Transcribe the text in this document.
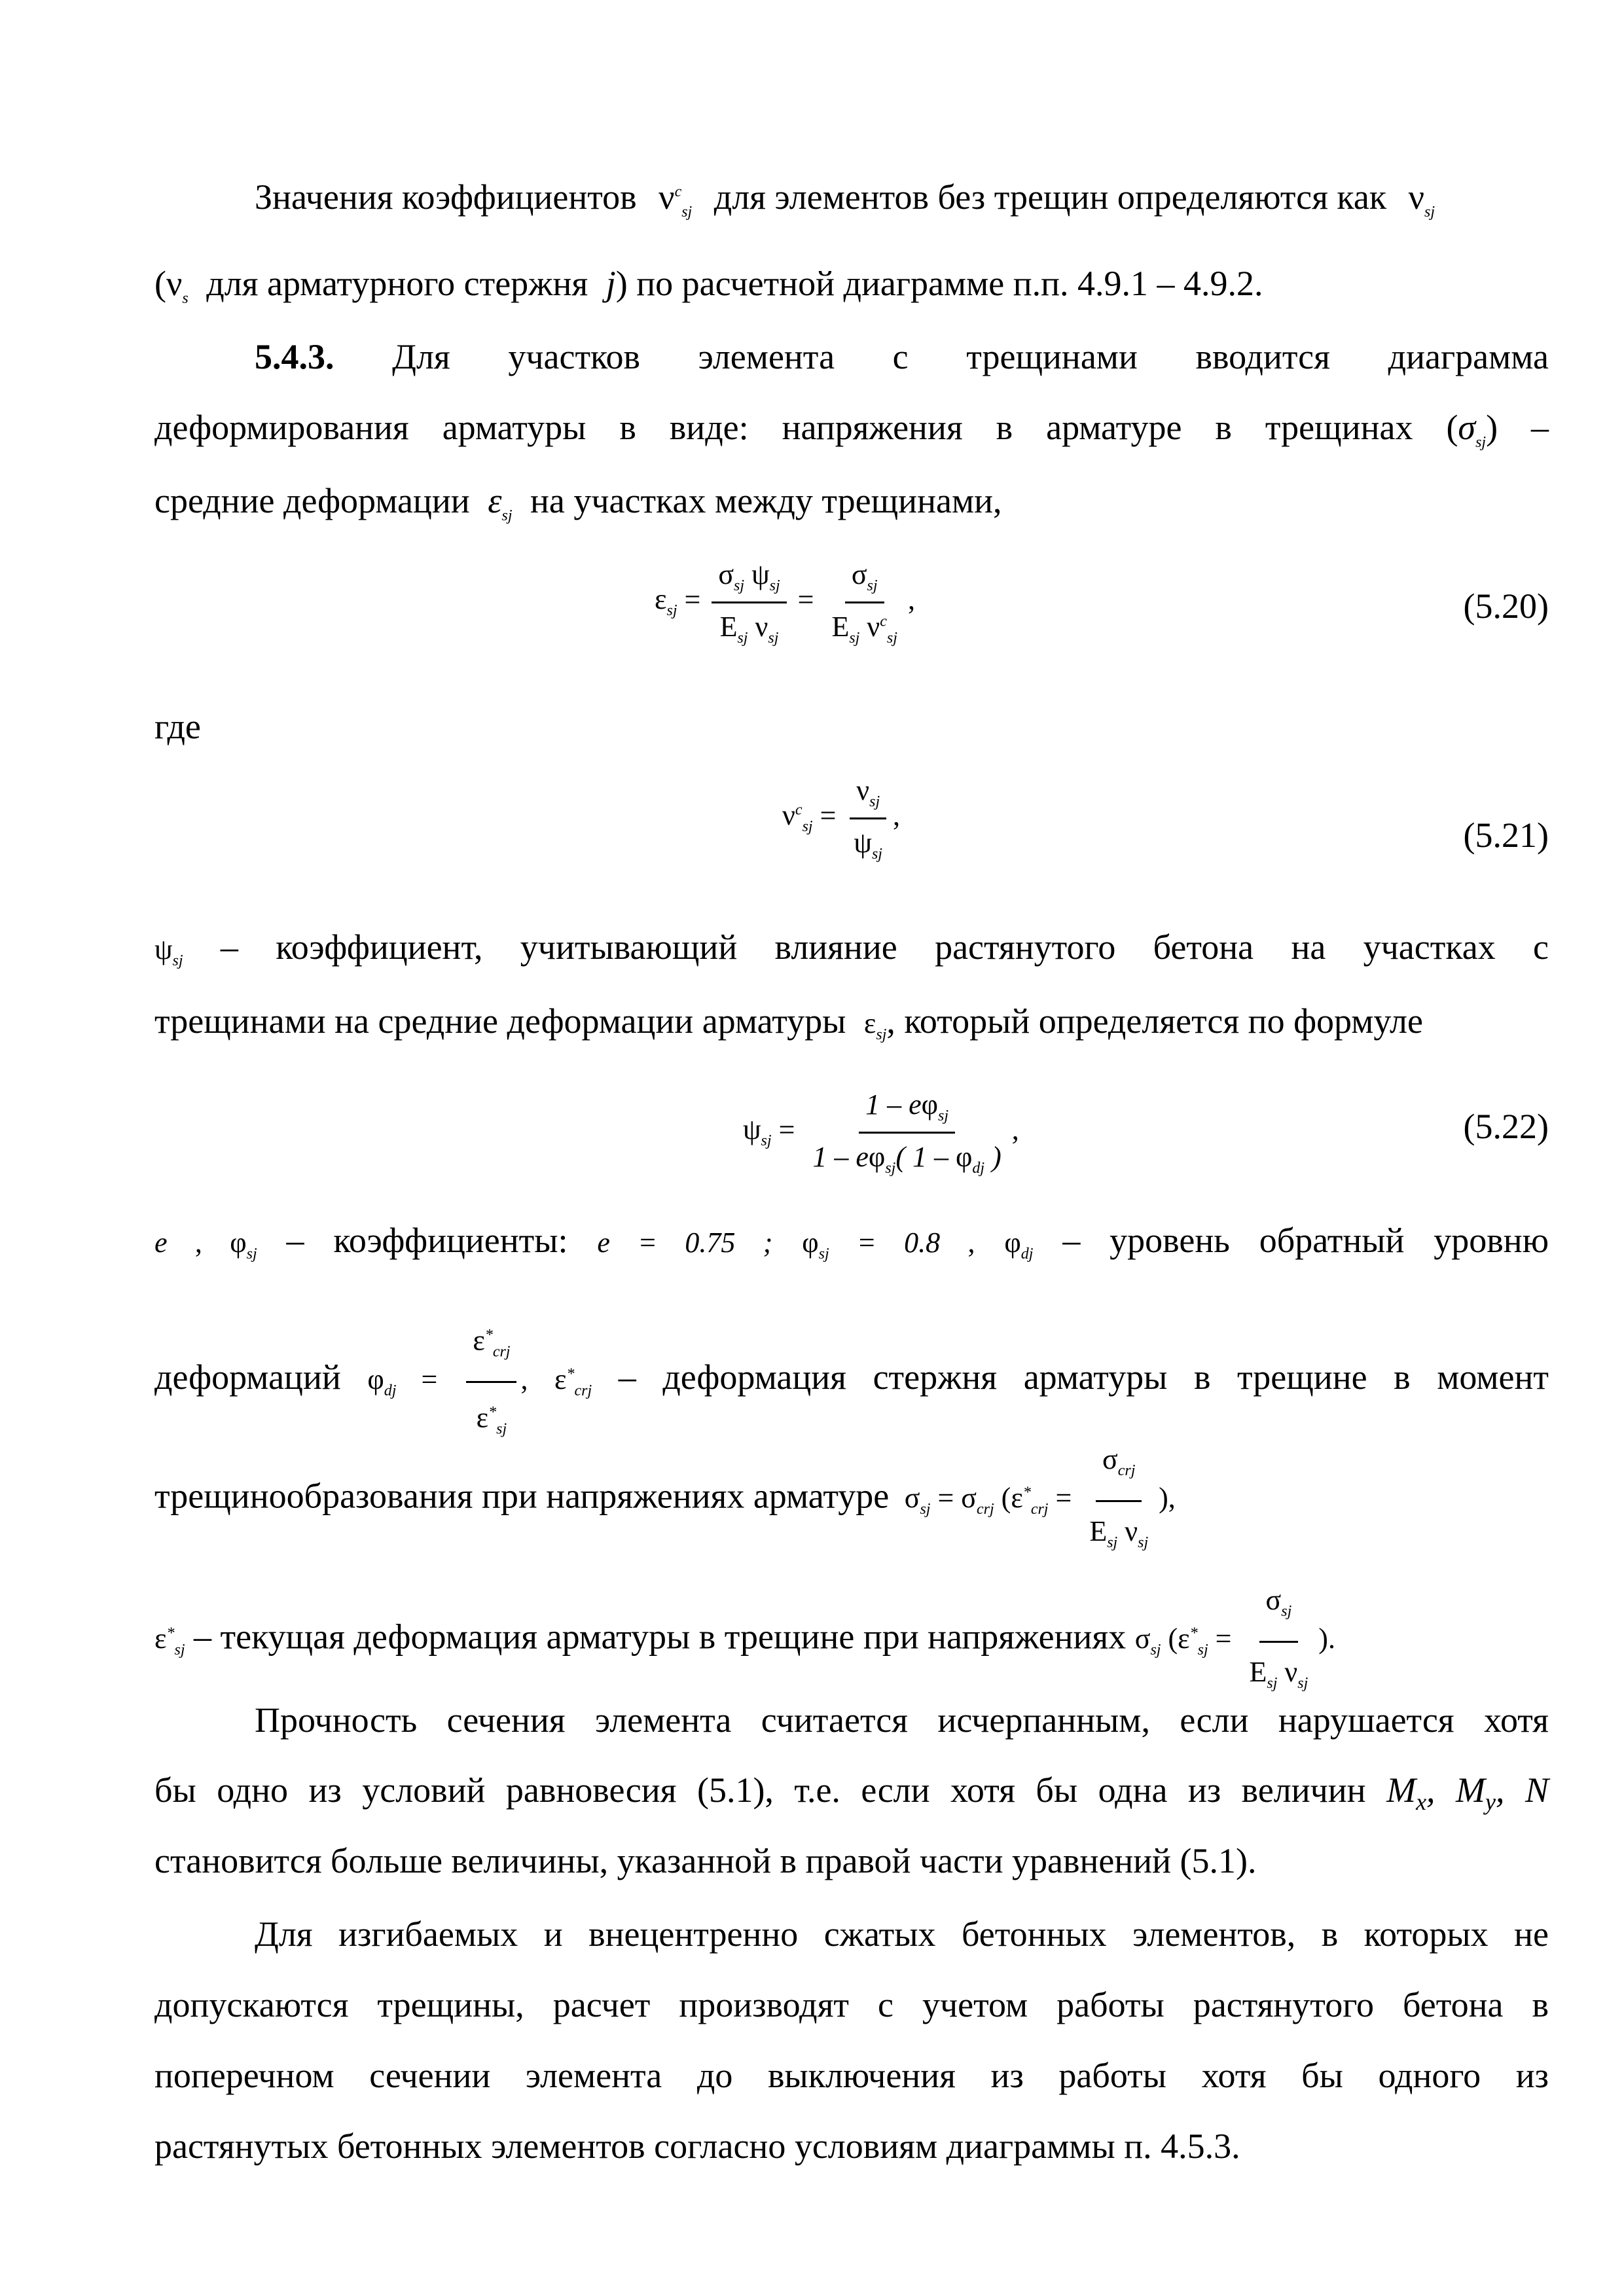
Значения коэффициентов $\nu^c_{sj}$ для элементов без трещин определяются как $\nu_{sj}$
($\nu_s$ для арматурного стержня j) по расчетной диаграмме п.п. 4.9.1 – 4.9.2.
5.4.3. Для участков элемента с трещинами вводится диаграмма
деформирования арматуры в виде: напряжения в арматуре в трещинах $(\sigma_{sj})$ –
средние деформации $\varepsilon_{sj}$ на участках между трещинами,
$\varepsilon_{sj} = \frac{\sigma_{sj} \psi_{sj}}{E_{sj} \nu_{sj}} = \frac{\sigma_{sj}}{E_{sj} \nu^c_{sj}}$ ,	(5.20)
где
$\nu^c_{sj} = \frac{\nu_{sj}}{\psi_{sj}}$ ,
(5.21)
$\psi_{sj}$ – коэффициент, учитывающий влияние растянутого бетона на участках с
трещинами на средние деформации арматуры $\varepsilon_{sj}$, который определяется по формуле
$\psi_{sj} = \frac{1 - e\varphi_{sj}}{1 - e\varphi_{sj}( 1 - \varphi_{dj} )}$ ,	(5.22)
e , $\varphi_{sj}$ – коэффициенты: e = 0.75 ; $\varphi_{sj} = 0.8$ , $\varphi_{dj}$ – уровень обратный уровню
деформаций $\varphi_{dj} = \frac{\varepsilon^*_{crj}}{\varepsilon^*_{sj}}$ , $\varepsilon^*_{crj}$ – деформация стержня арматуры в трещине в момент
трещинообразования при напряжениях арматуре $\sigma_{sj} = \sigma_{crj}$ ($\varepsilon^*_{crj} = \frac{\sigma_{crj}}{E_{sj} \nu_{sj}}$ ),
$\varepsilon^*_{sj}$ – текущая деформация арматуры в трещине при напряжениях $\sigma_{sj}$ ($\varepsilon^*_{sj} = \frac{\sigma_{sj}}{E_{sj} \nu_{sj}}$ ).
Прочность сечения элемента считается исчерпанным, если нарушается хотя
бы одно из условий равновесия (5.1), т.е. если хотя бы одна из величин $M_x$, $M_y$, N
становится больше величины, указанной в правой части уравнений (5.1).
Для изгибаемых и внецентренно сжатых бетонных элементов, в которых не
допускаются трещины, расчет производят с учетом работы растянутого бетона в
поперечном сечении элемента до выключения из работы хотя бы одного из
растянутых бетонных элементов согласно условиям диаграммы п. 4.5.3.
